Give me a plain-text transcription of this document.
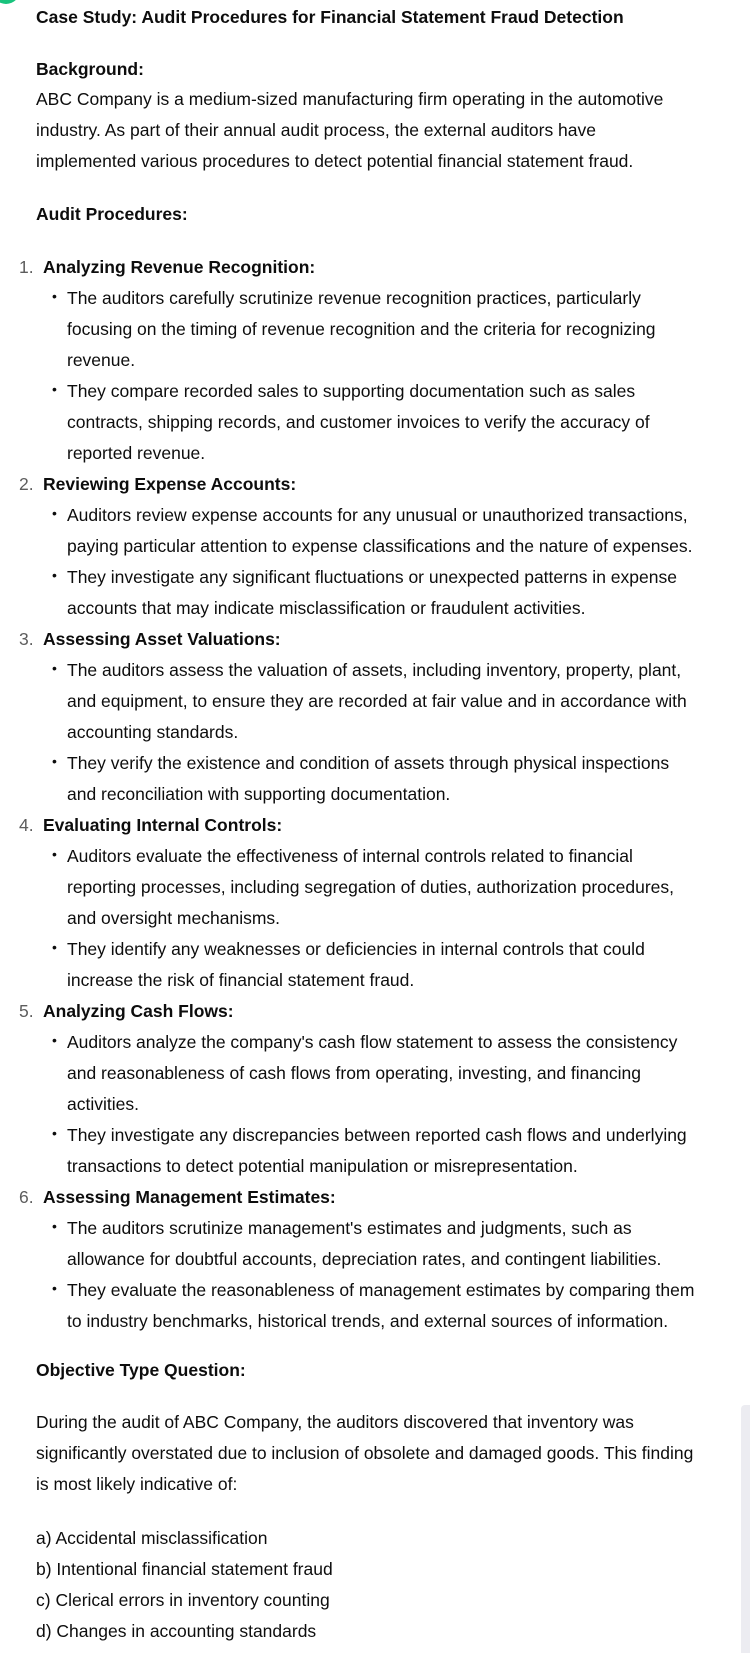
Case Study: Audit Procedures for Financial Statement Fraud Detection
Background:
ABC Company is a medium-sized manufacturing firm operating in the automotive
industry. As part of their annual audit process, the external auditors have
implemented various procedures to detect potential financial statement fraud.
Audit Procedures:
1. Analyzing Revenue Recognition:
• The auditors carefully scrutinize revenue recognition practices, particularly
focusing on the timing of revenue recognition and the criteria for recognizing
revenue.
• They compare recorded sales to supporting documentation such as sales
contracts, shipping records, and customer invoices to verify the accuracy of
reported revenue.
2. Reviewing Expense Accounts:
• Auditors review expense accounts for any unusual or unauthorized transactions,
paying particular attention to expense classifications and the nature of expenses.
• They investigate any significant fluctuations or unexpected patterns in expense
accounts that may indicate misclassification or fraudulent activities.
3. Assessing Asset Valuations:
• The auditors assess the valuation of assets, including inventory, property, plant,
and equipment, to ensure they are recorded at fair value and in accordance with
accounting standards.
• They verify the existence and condition of assets through physical inspections
and reconciliation with supporting documentation.
4. Evaluating Internal Controls:
• Auditors evaluate the effectiveness of internal controls related to financial
reporting processes, including segregation of duties, authorization procedures,
and oversight mechanisms.
• They identify any weaknesses or deficiencies in internal controls that could
increase the risk of financial statement fraud.
5. Analyzing Cash Flows:
• Auditors analyze the company's cash flow statement to assess the consistency
and reasonableness of cash flows from operating, investing, and financing
activities.
• They investigate any discrepancies between reported cash flows and underlying
transactions to detect potential manipulation or misrepresentation.
6. Assessing Management Estimates:
• The auditors scrutinize management's estimates and judgments, such as
allowance for doubtful accounts, depreciation rates, and contingent liabilities.
• They evaluate the reasonableness of management estimates by comparing them
to industry benchmarks, historical trends, and external sources of information.
Objective Type Question:
During the audit of ABC Company, the auditors discovered that inventory was
significantly overstated due to inclusion of obsolete and damaged goods. This finding
is most likely indicative of:
a) Accidental misclassification
b) Intentional financial statement fraud
c) Clerical errors in inventory counting
d) Changes in accounting standards
